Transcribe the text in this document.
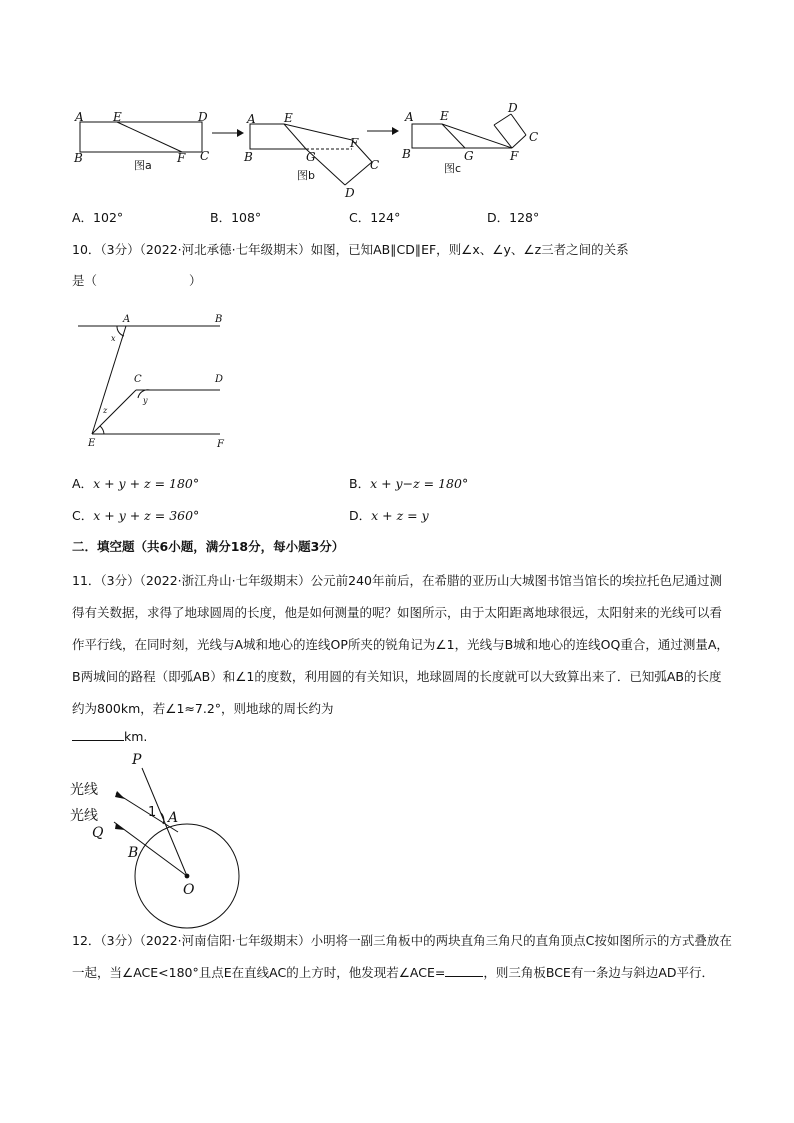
A E	D
B	F C
图a
A E
F
B	G
C
D
图b
A E
D
C
B	G	F
图c
A．102°	B．108°	C．124°	D．128°
10．（3分）（2022·河北承德·七年级期末）如图，已知AB∥CD∥EF，则∠x、∠y、∠z三者之间的关系
是（	）
A	B
C	D
E	F
x
y
z
A．x + y + z = 180°	B．x + y−z = 180°
C．x + y + z = 360°	D．x + z = y
二．填空题（共6小题，满分18分，每小题3分）
11．（3分）（2022·浙江舟山·七年级期末）公元前240年前后，在希腊的亚历山大城图书馆当馆长的埃拉托色尼通过测得有关数据，求得了地球圆周的长度，他是如何测量的呢？如图所示，由于太阳距离地球很远，太阳射来的光线可以看作平行线，在同时刻，光线与A城和地心的连线OP所夹的锐角记为∠1，光线与B城和地心的连线OQ重合，通过测量A，B两城间的路程（即弧AB）和∠1的度数，利用圆的有关知识，地球圆周的长度就可以大致算出来了．已知弧AB的长度约为800km，若∠1≈7.2°，则地球的周长约为
km.
P
光线
光线
Q
1 A
B
O
12．（3分）（2022·河南信阳·七年级期末）小明将一副三角板中的两块直角三角尺的直角顶点C按如图所示的方式叠放在一起，当∠ACE<180°且点E在直线AC的上方时，他发现若∠ACE=	，则三角板BCE有一条边与斜边AD平行．
